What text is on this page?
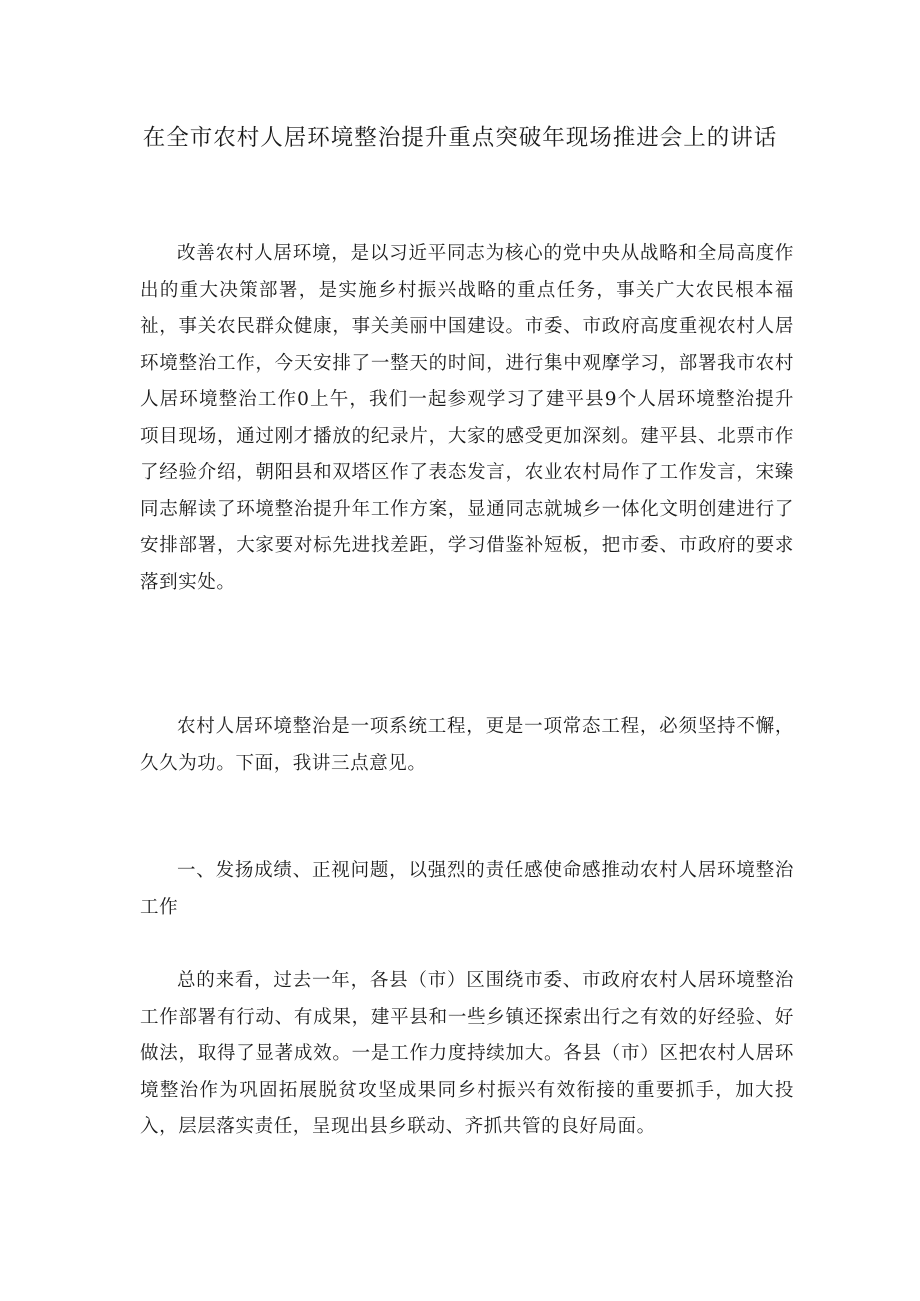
在全市农村人居环境整治提升重点突破年现场推进会上的讲话

改善农村人居环境，是以习近平同志为核心的党中央从战略和全局高度作出的重大决策部署，是实施乡村振兴战略的重点任务，事关广大农民根本福祉，事关农民群众健康，事关美丽中国建设。市委、市政府高度重视农村人居环境整治工作，今天安排了一整天的时间，进行集中观摩学习，部署我市农村人居环境整治工作0上午，我们一起参观学习了建平县9个人居环境整治提升项目现场，通过刚才播放的纪录片，大家的感受更加深刻。建平县、北票市作了经验介绍，朝阳县和双塔区作了表态发言，农业农村局作了工作发言，宋臻同志解读了环境整治提升年工作方案，显通同志就城乡一体化文明创建进行了安排部署，大家要对标先进找差距，学习借鉴补短板，把市委、市政府的要求落到实处。

农村人居环境整治是一项系统工程，更是一项常态工程，必须坚持不懈，久久为功。下面，我讲三点意见。

一、发扬成绩、正视问题，以强烈的责任感使命感推动农村人居环境整治工作

总的来看，过去一年，各县（市）区围绕市委、市政府农村人居环境整治工作部署有行动、有成果，建平县和一些乡镇还探索出行之有效的好经验、好做法，取得了显著成效。一是工作力度持续加大。各县（市）区把农村人居环境整治作为巩固拓展脱贫攻坚成果同乡村振兴有效衔接的重要抓手，加大投入，层层落实责任，呈现出县乡联动、齐抓共管的良好局面。
